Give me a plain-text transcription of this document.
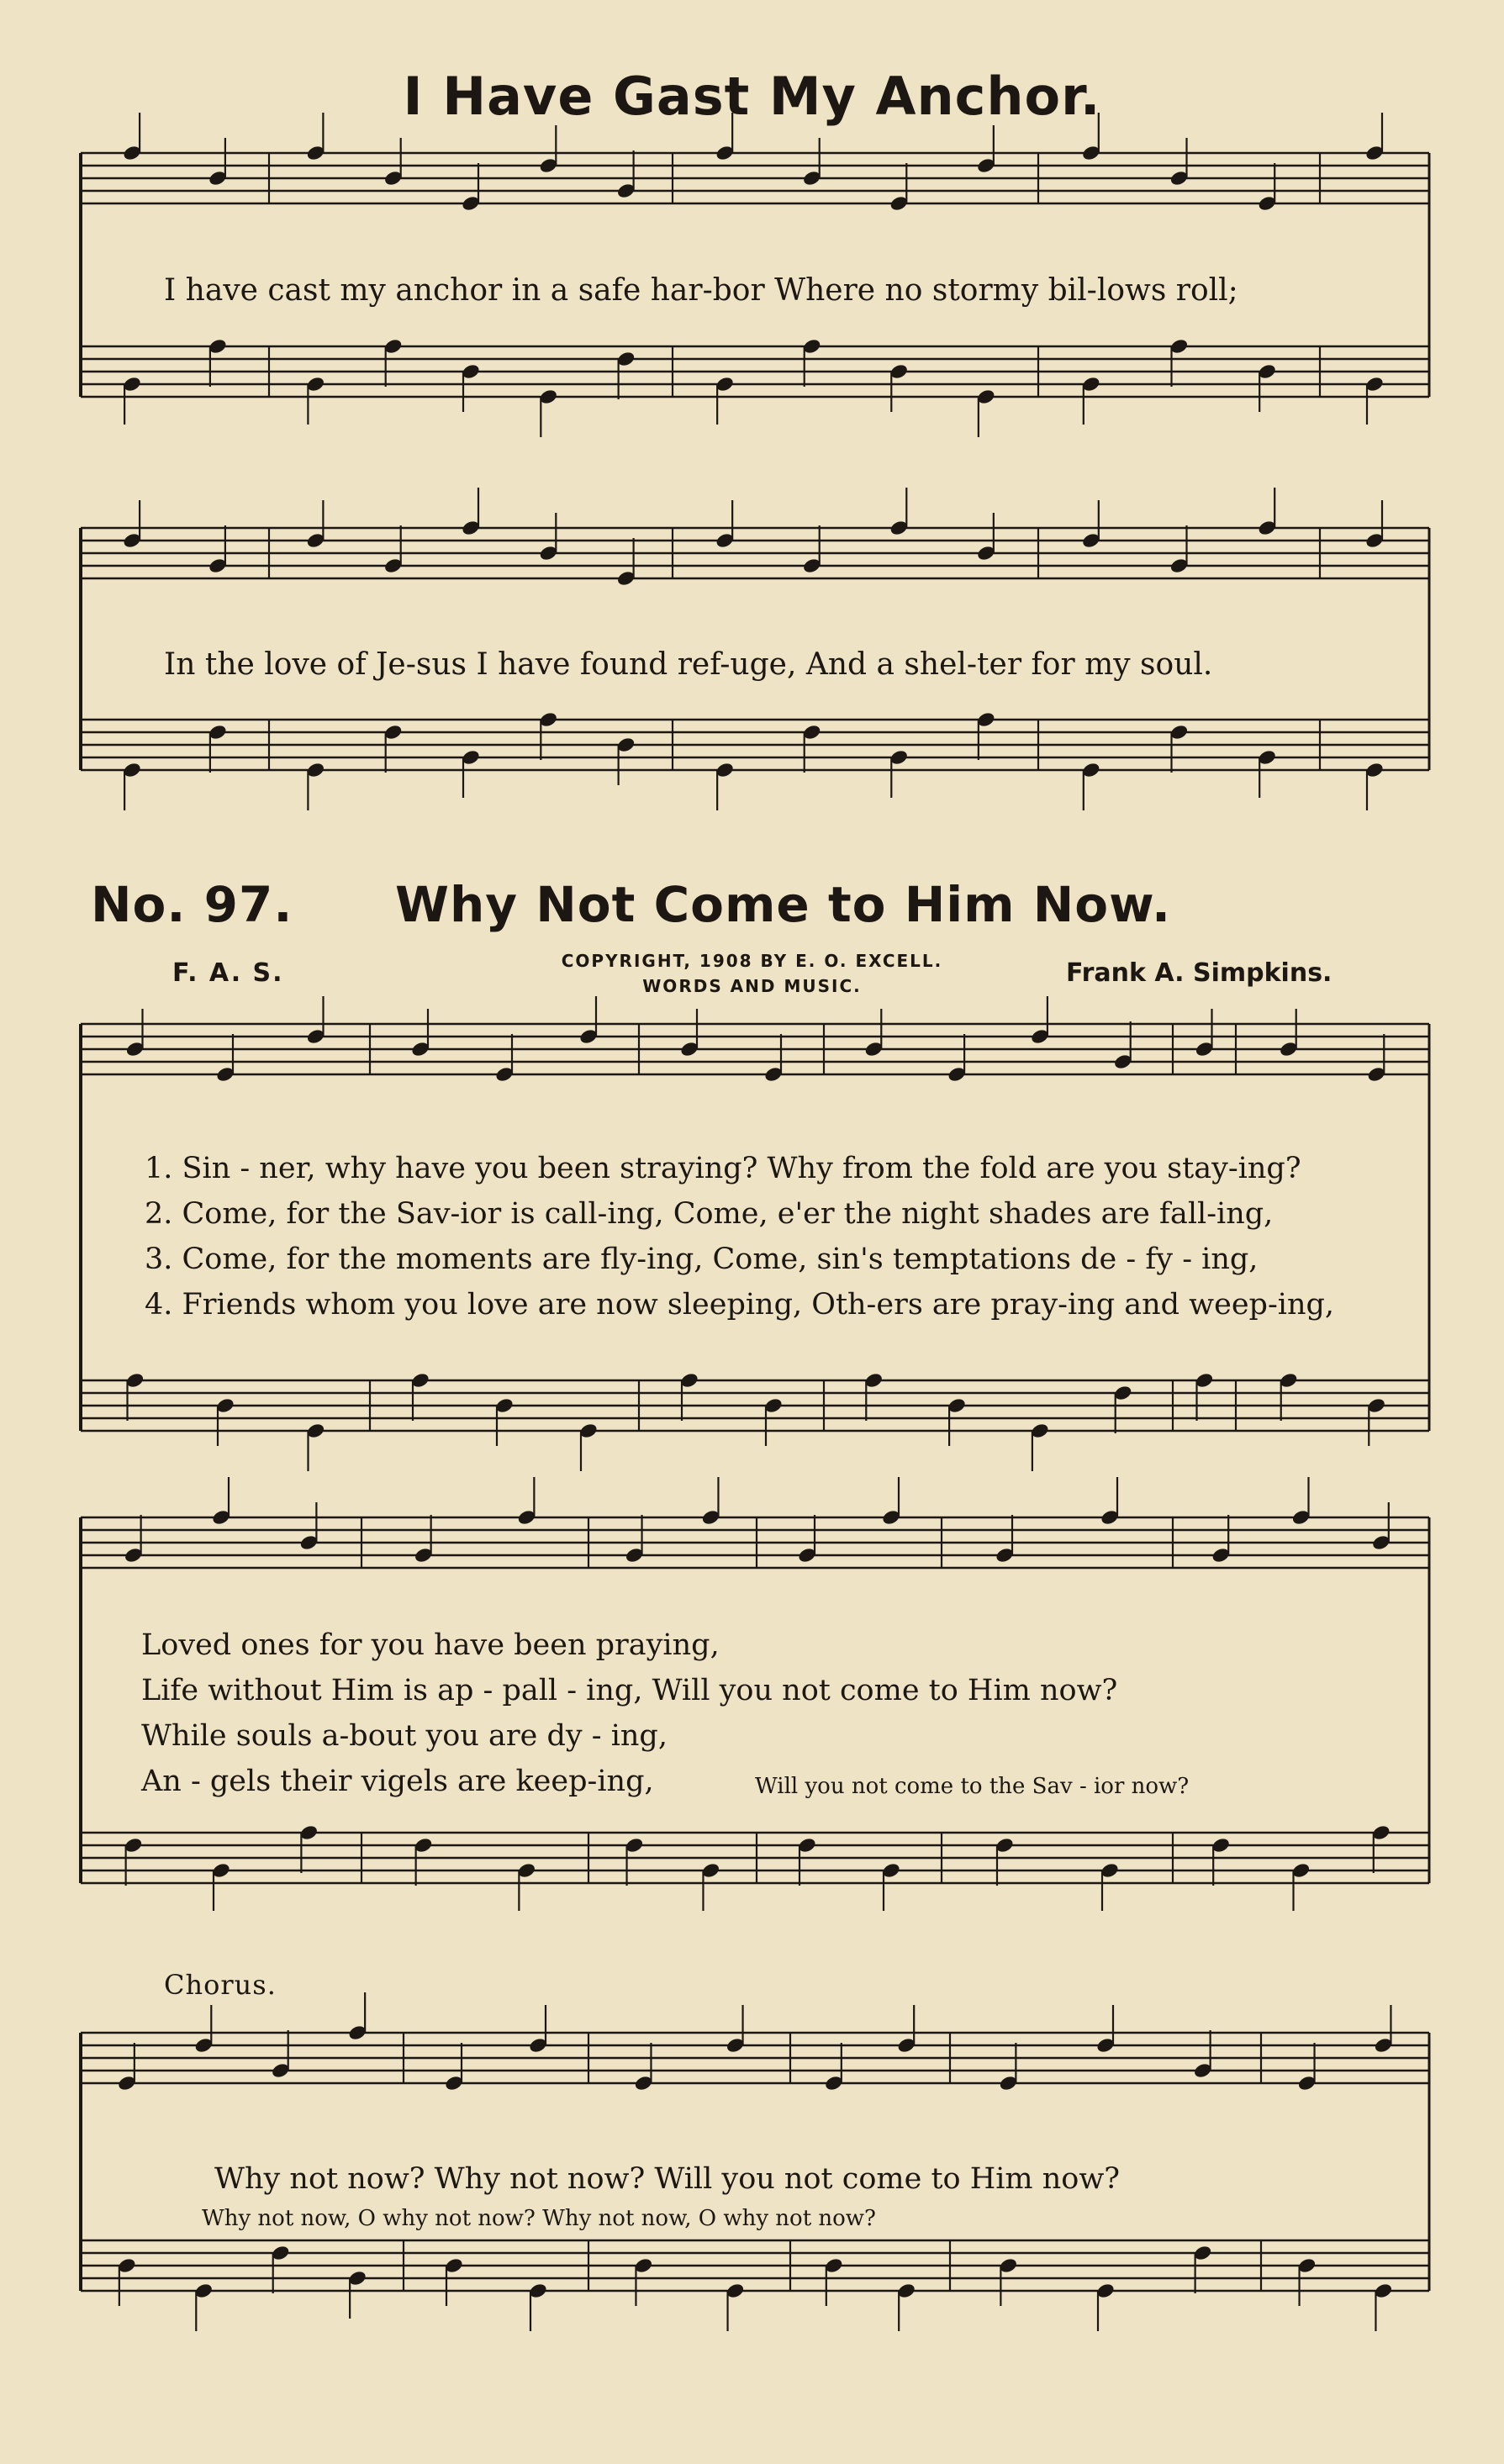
I Have Gast My Anchor.
I have cast my anchor in a safe har-bor Where no stormy bil-lows roll;
In the love of Je-sus I have found ref-uge, And a shel-ter for my soul.
No. 97. Why Not Come to Him Now.
F. A. S.	COPYRIGHT, 1908 BY E. O. EXCELL.
WORDS AND MUSIC.	Frank A. Simpkins.
1. Sin - ner, why have you been straying? Why from the fold are you stay-ing?
2. Come, for the Sav-ior is call-ing, Come, e'er the night shades are fall-ing,
3. Come, for the moments are fly-ing, Come, sin's temptations de - fy - ing,
4. Friends whom you love are now sleeping, Oth-ers are pray-ing and weep-ing,
Loved ones for you have been praying,
Life without Him is ap - pall - ing, Will you not come to Him now?
While souls a-bout you are dy - ing,
An - gels their vigels are keep-ing,	Will you not come to the Sav - ior now?
Chorus.
Why not now? Why not now? Will you not come to Him now?
Why not now, O why not now? Why not now, O why not now?
